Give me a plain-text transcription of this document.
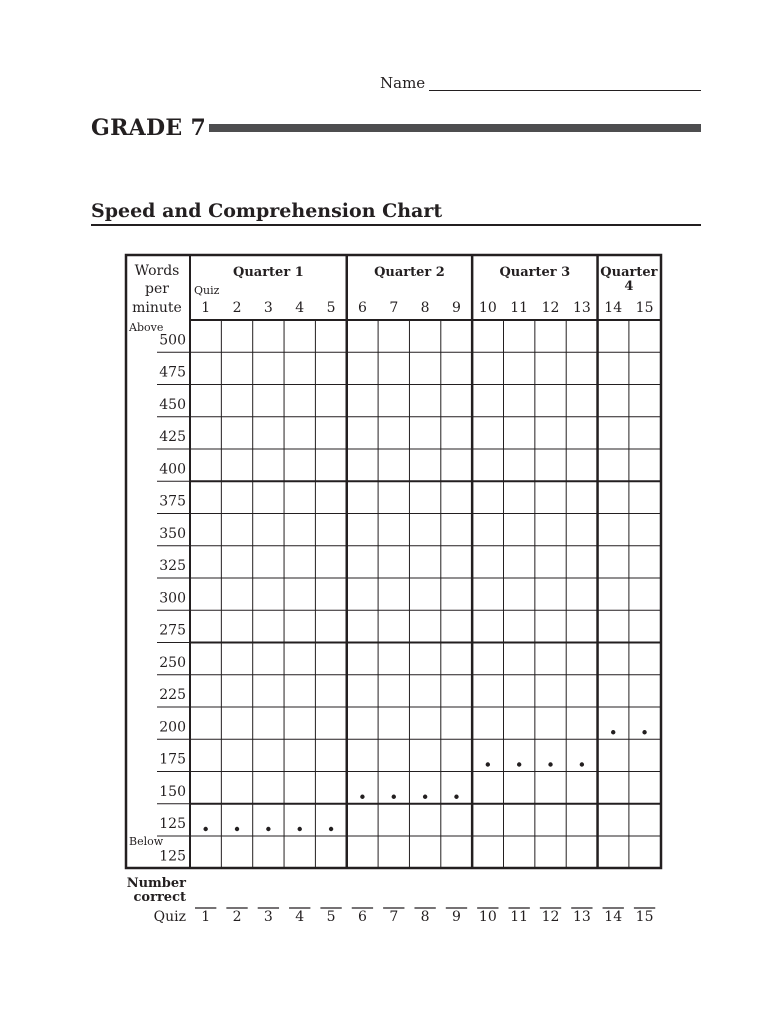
Name
GRADE 7
Speed and Comprehension Chart
Words
per
minute
Quarter 1	Quarter 2	Quarter 3 Quarter
4
Quiz
1 2 3 4 5 6 7 8 9 10 11 12 13 14 15
Above
Below
500
475
450
425
400
375
350
325
300
275
250
225
200
175
150
125
125
Number
correct
Quiz 1 2 3 4 5 6 7 8 9 10 11 12 13 14 15
